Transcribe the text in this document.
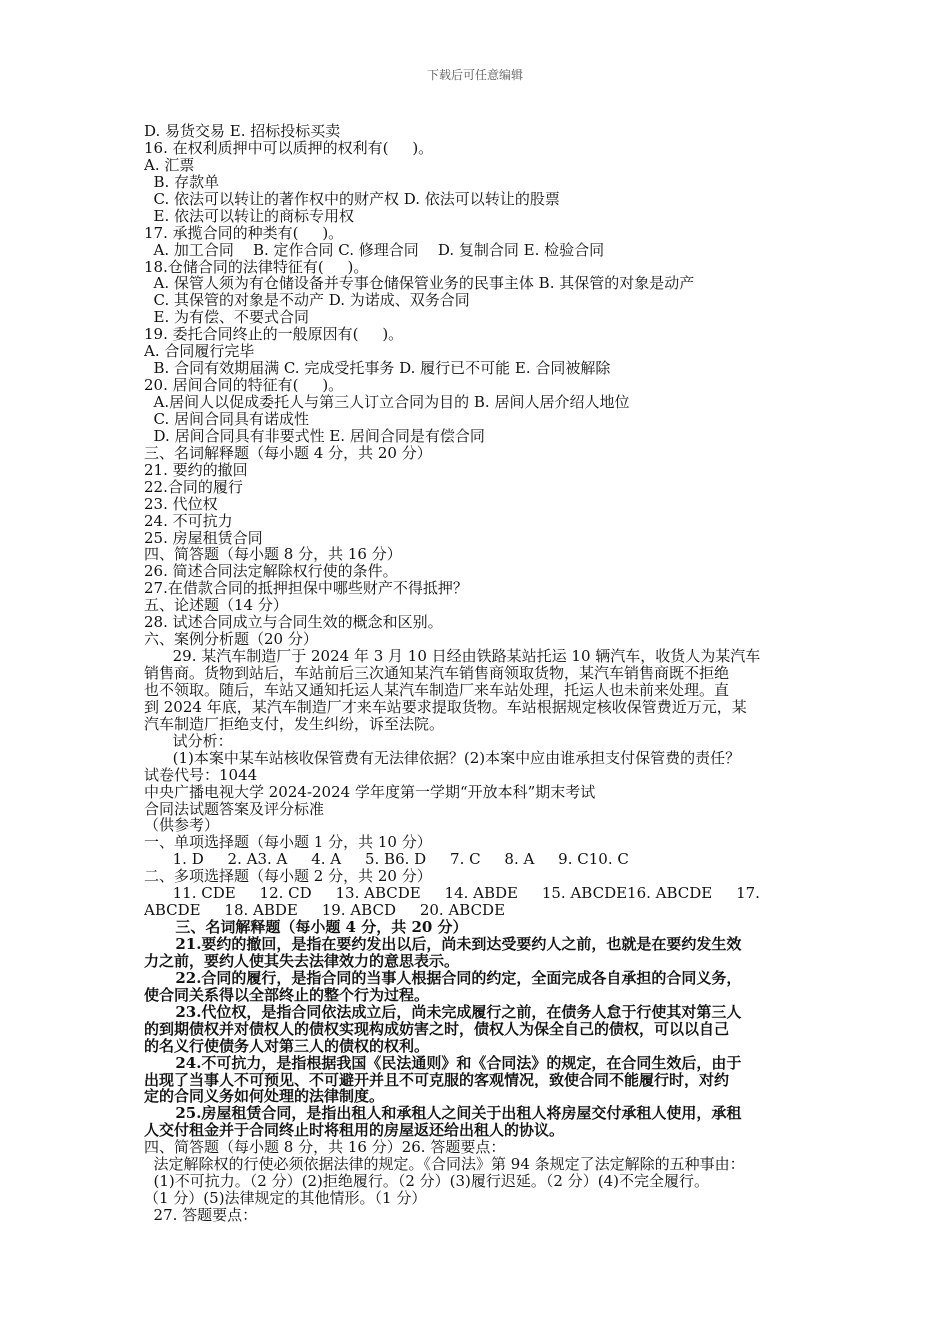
下载后可任意编辑
D. 易货交易 E. 招标投标买卖
16. 在权利质押中可以质押的权利有(     )。
A. 汇票
B. 存款单
C. 依法可以转让的著作权中的财产权 D. 依法可以转让的股票
E. 依法可以转让的商标专用权
17. 承揽合同的种类有(     )。
A. 加工合同    B. 定作合同 C. 修理合同    D. 复制合同 E. 检验合同
18.仓储合同的法律特征有(     )。
A. 保管人须为有仓储设备并专事仓储保管业务的民事主体 B. 其保管的对象是动产
C. 其保管的对象是不动产 D. 为诺成、双务合同
E. 为有偿、不要式合同
19. 委托合同终止的一般原因有(     )。
A. 合同履行完毕
B. 合同有效期届满 C. 完成受托事务 D. 履行已不可能 E. 合同被解除
20. 居间合同的特征有(     )。
A.居间人以促成委托人与第三人订立合同为目的 B. 居间人居介绍人地位
C. 居间合同具有诺成性
D. 居间合同具有非要式性 E. 居间合同是有偿合同
三、名词解释题（每小题 4 分，共 20 分）
21. 要约的撤回
22.合同的履行
23. 代位权
24. 不可抗力
25. 房屋租赁合同
四、简答题（每小题 8 分，共 16 分）
26. 简述合同法定解除权行使的条件。
27.在借款合同的抵押担保中哪些财产不得抵押？
五、论述题（14 分）
28. 试述合同成立与合同生效的概念和区别。
六、案例分析题（20 分）
29. 某汽车制造厂于 2024 年 3 月 10 日经由铁路某站托运 10 辆汽车，收货人为某汽车
销售商。货物到站后，车站前后三次通知某汽车销售商领取货物，某汽车销售商既不拒绝
也不领取。随后，车站又通知托运人某汽车制造厂来车站处理，托运人也未前来处理。直
到 2024 年底，某汽车制造厂才来车站要求提取货物。车站根据规定核收保管费近万元，某
汽车制造厂拒绝支付，发生纠纷，诉至法院。
试分析：
(1)本案中某车站核收保管费有无法律依据？(2)本案中应由谁承担支付保管费的责任？
试卷代号：1044
中央广播电视大学 2024-2024 学年度第一学期“开放本科”期末考试
合同法试题答案及评分标准
（供参考）
一、单项选择题（每小题 1 分，共 10 分）
1. D     2. A3. A     4. A     5. B6. D     7. C     8. A     9. C10. C
二、多项选择题（每小题 2 分，共 20 分）
11. CDE     12. CD     13. ABCDE     14. ABDE     15. ABCDE16. ABCDE     17.
ABCDE     18. ABDE     19. ABCD     20. ABCDE
三、名词解释题（每小题 4 分，共 20 分）
21.要约的撤回，是指在要约发出以后，尚未到达受要约人之前，也就是在要约发生效
力之前，要约人使其失去法律效力的意思表示。
22.合同的履行，是指合同的当事人根据合同的约定，全面完成各自承担的合同义务，
使合同关系得以全部终止的整个行为过程。
23.代位权，是指合同依法成立后，尚未完成履行之前，在债务人怠于行使其对第三人
的到期债权并对债权人的债权实现构成妨害之时，债权人为保全自己的债权，可以以自己
的名义行使债务人对第三人的债权的权利。
24.不可抗力，是指根据我国《民法通则》和《合同法》的规定，在合同生效后，由于
出现了当事人不可预见、不可避开并且不可克服的客观情况，致使合同不能履行时，对约
定的合同义务如何处理的法律制度。
25.房屋租赁合同，是指出租人和承租人之间关于出租人将房屋交付承租人使用，承租
人交付租金并于合同终止时将租用的房屋返还给出租人的协议。
四、简答题（每小题 8 分，共 16 分）26. 答题要点：
法定解除权的行使必须依据法律的规定。《合同法》第 94 条规定了法定解除的五种事由：
(1)不可抗力。（2 分）(2)拒绝履行。（2 分）(3)履行迟延。（2 分）(4)不完全履行。
（1 分）(5)法律规定的其他情形。（1 分）
27. 答题要点：
